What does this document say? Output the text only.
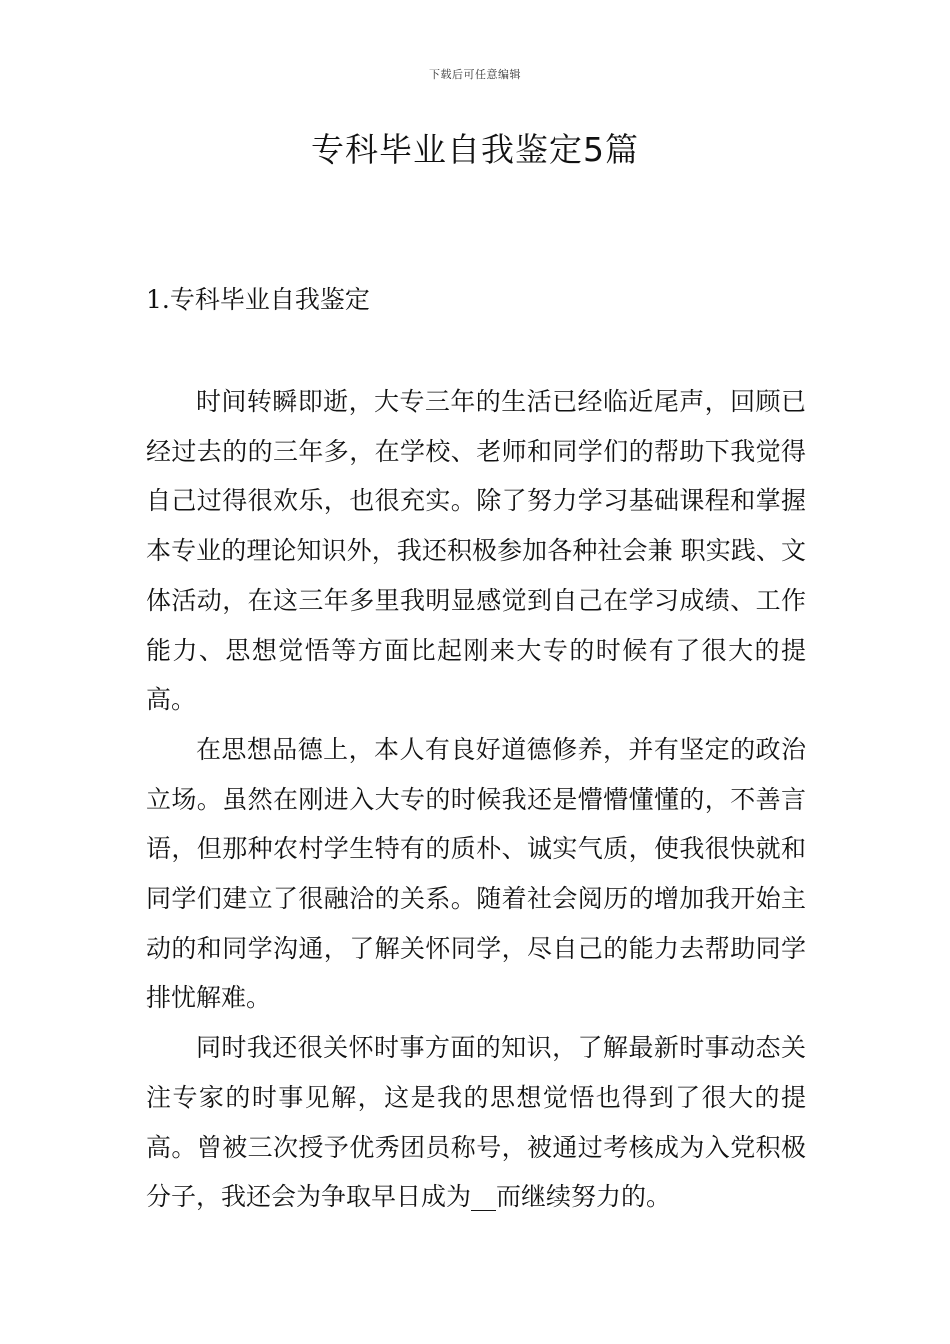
下载后可任意编辑
专科毕业自我鉴定5篇
1.专科毕业自我鉴定

时间转瞬即逝，大专三年的生活已经临近尾声，回顾已经过去的的三年多，在学校、老师和同学们的帮助下我觉得自己过得很欢乐，也很充实。除了努力学习基础课程和掌握本专业的理论知识外，我还积极参加各种社会兼 职实践、文体活动，在这三年多里我明显感觉到自己在学习成绩、工作能力、思想觉悟等方面比起刚来大专的时候有了很大的提高。

在思想品德上，本人有良好道德修养，并有坚定的政治立场。虽然在刚进入大专的时候我还是懵懵懂懂的，不善言语，但那种农村学生特有的质朴、诚实气质，使我很快就和同学们建立了很融洽的关系。随着社会阅历的增加我开始主动的和同学沟通，了解关怀同学，尽自己的能力去帮助同学排忧解难。

同时我还很关怀时事方面的知识，了解最新时事动态关注专家的时事见解，这是我的思想觉悟也得到了很大的提高。曾被三次授予优秀团员称号，被通过考核成为入党积极分子，我还会为争取早日成为__而继续努力的。
